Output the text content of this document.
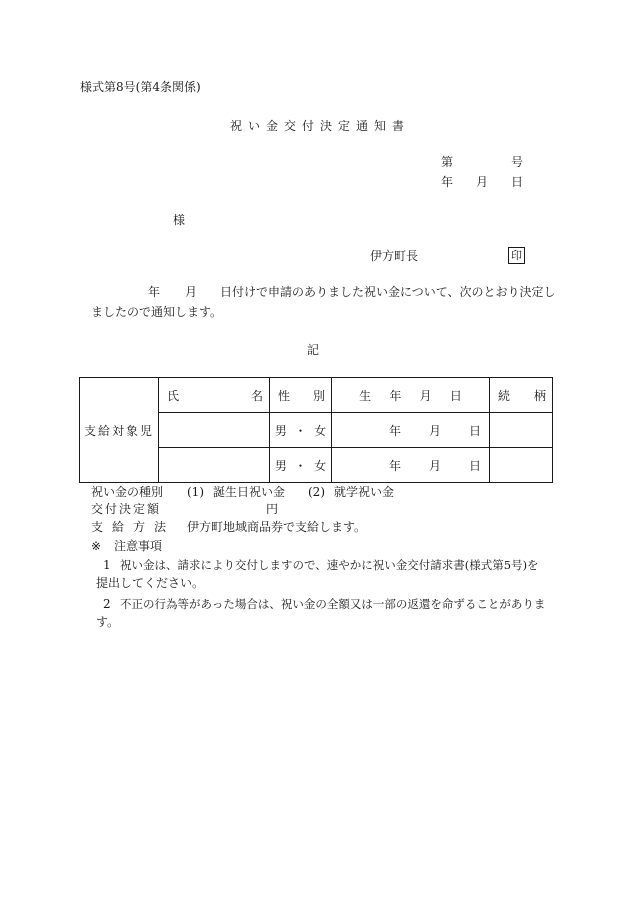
様式第8号(第4条関係)
祝い金交付決定通知書
第	号
年 月 日
様
伊方町長	印
年 月 日付けで申請のありました祝い金について、次のとおり決定し
ましたので通知します。
記
支給対象児	氏 名	性 別	生 年 月 日	続 柄

		男 ・ 女	年 月 日	

		男 ・ 女	年 月 日	

祝い金の種別 (1) 誕生日祝い金 (2) 就学祝い金
交付決定額	円
支給方法 伊方町地域商品券で支給します。
※ 注意事項
1 祝い金は、請求により交付しますので、速やかに祝い金交付請求書(様式第5号)を
提出してください。
2 不正の行為等があった場合は、祝い金の全額又は一部の返還を命ずることがありま
す。
